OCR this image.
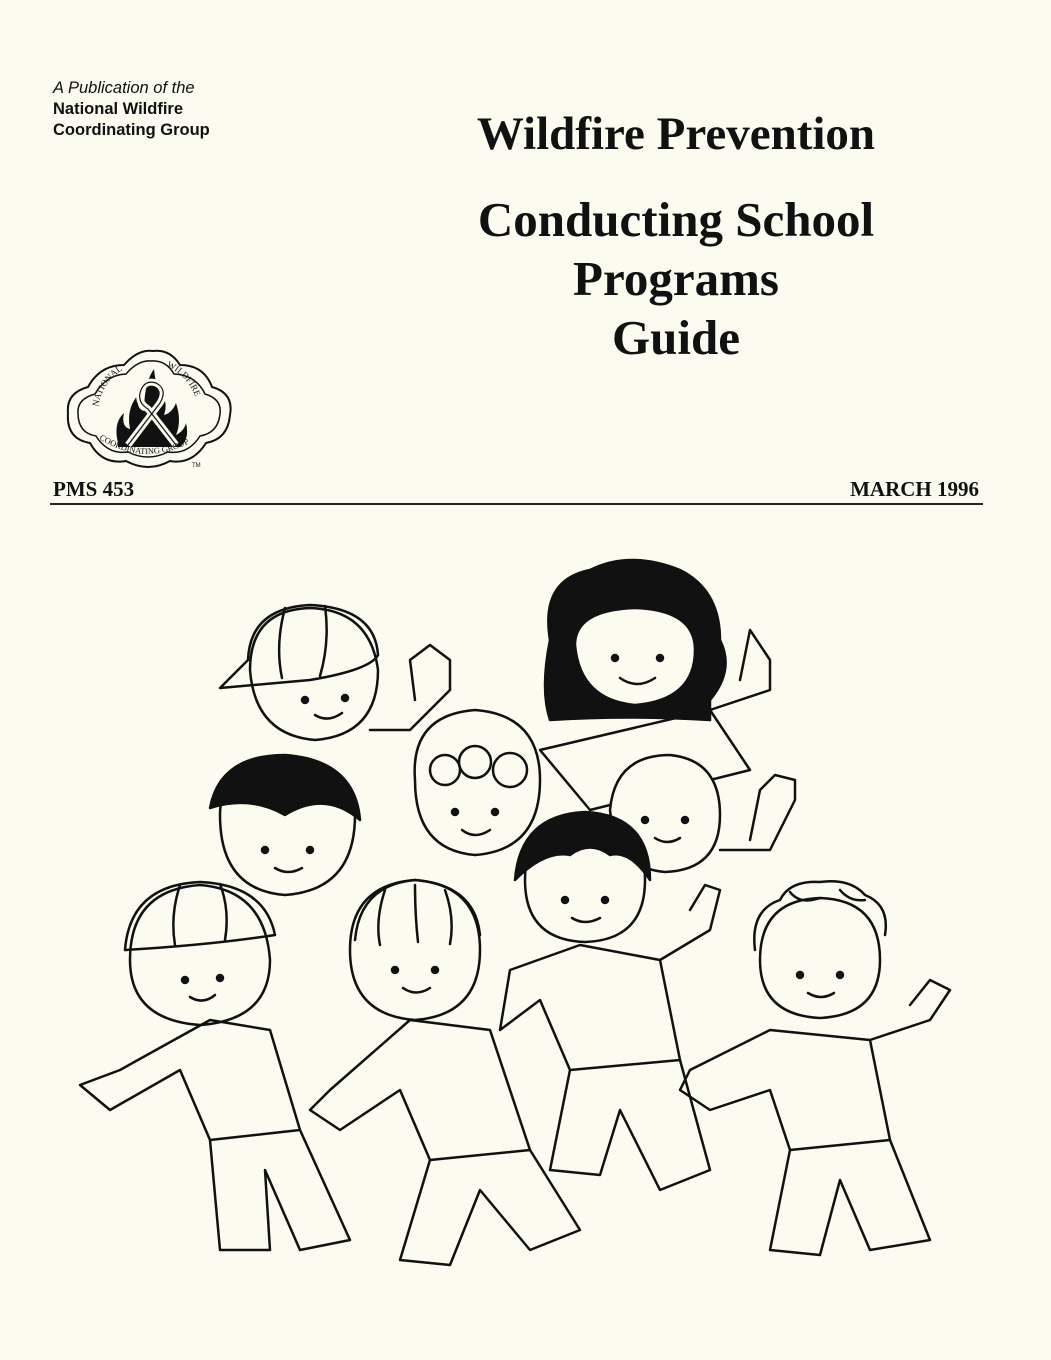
A Publication of the
National Wildfire
Coordinating Group	Wildfire Prevention
Conducting School
Programs
Guide
NATIONAL	WILDFIRE
COORDINATING GROUP
TM
PMS 453	MARCH 1996
